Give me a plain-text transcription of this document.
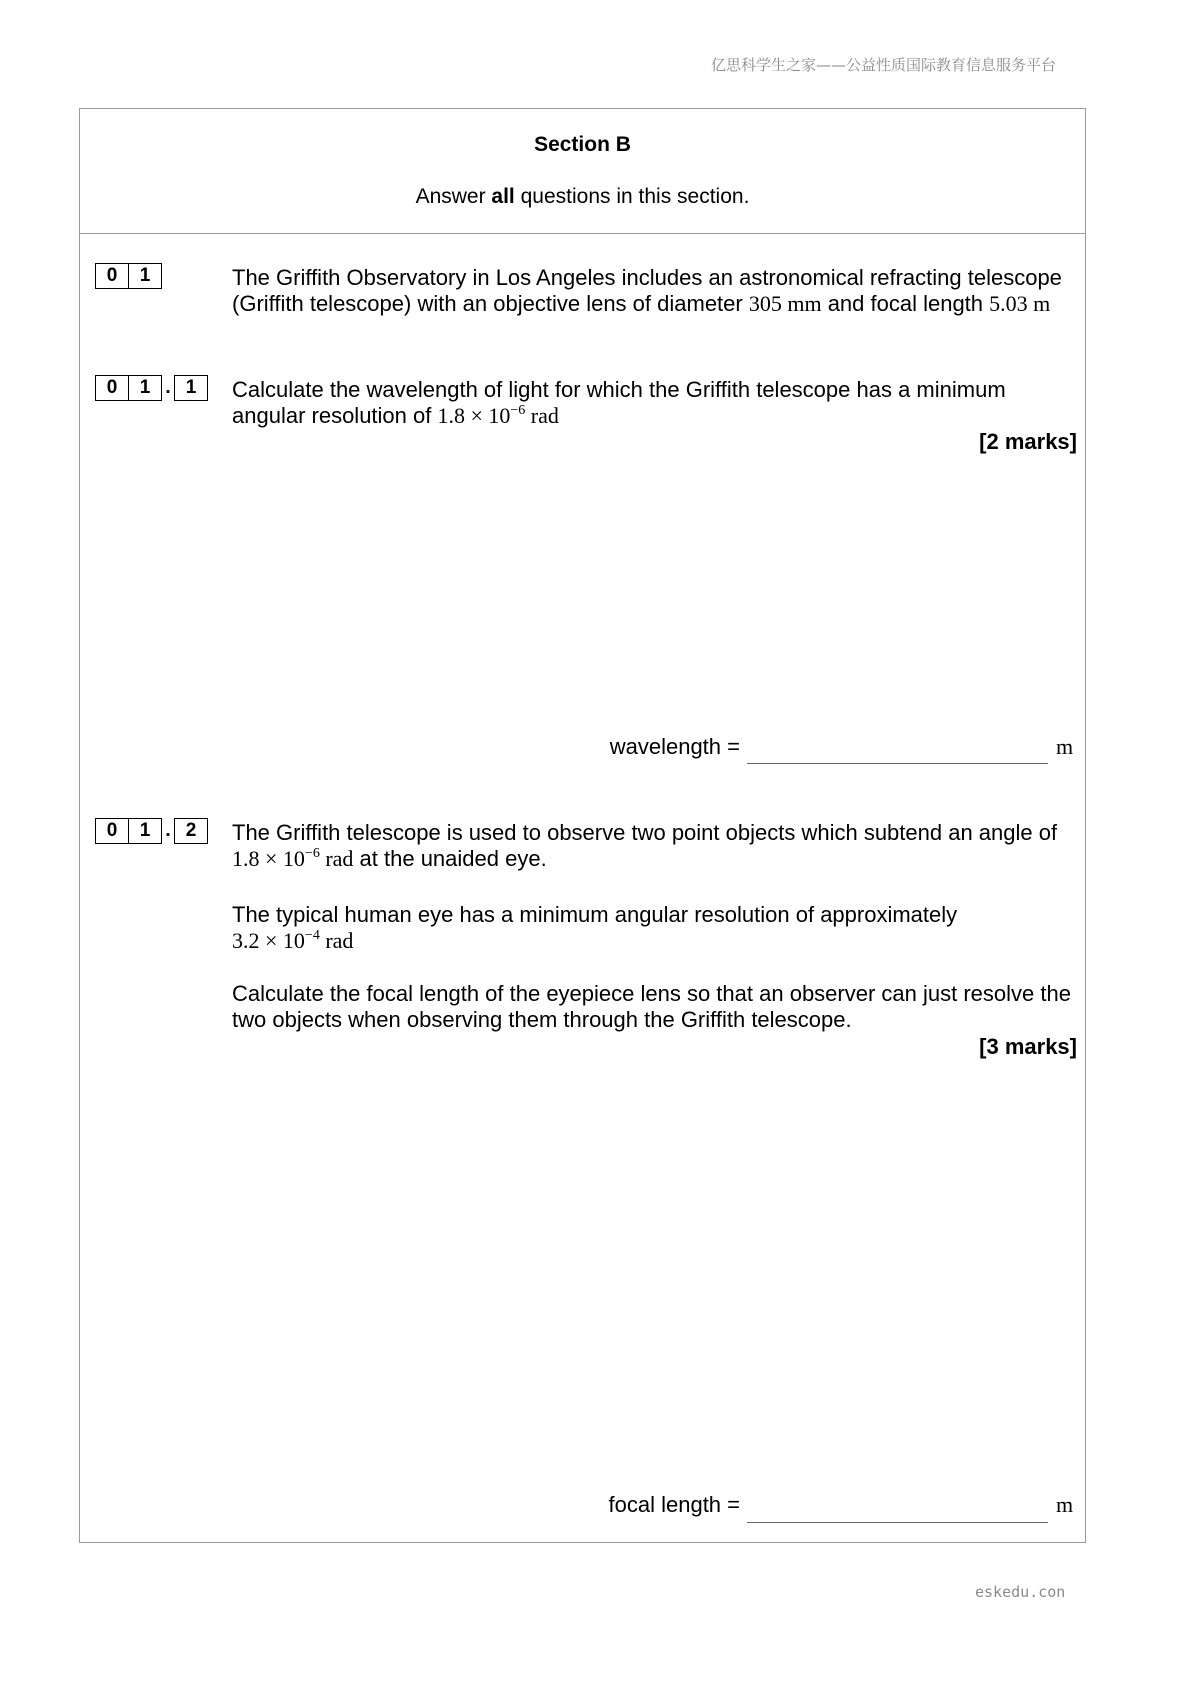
亿思科学生之家——公益性质国际教育信息服务平台
Section B
Answer all questions in this section.
0	1	The Griffith Observatory in Los Angeles includes an astronomical refracting telescope
(Griffith telescope) with an objective lens of diameter 305 mm and focal length 5.03 m
0	1 . 1	Calculate the wavelength of light for which the Griffith telescope has a minimum
angular resolution of $1.8 \times 10^{-6}$ rad
[2 marks]
wavelength =	m
0	1 . 2	The Griffith telescope is used to observe two point objects which subtend an angle of
$1.8 \times 10^{-6}$ rad at the unaided eye.
The typical human eye has a minimum angular resolution of approximately
$3.2 \times 10^{-4}$ rad
Calculate the focal length of the eyepiece lens so that an observer can just resolve the
two objects when observing them through the Griffith telescope.
[3 marks]
focal length =	m
eskedu.con
